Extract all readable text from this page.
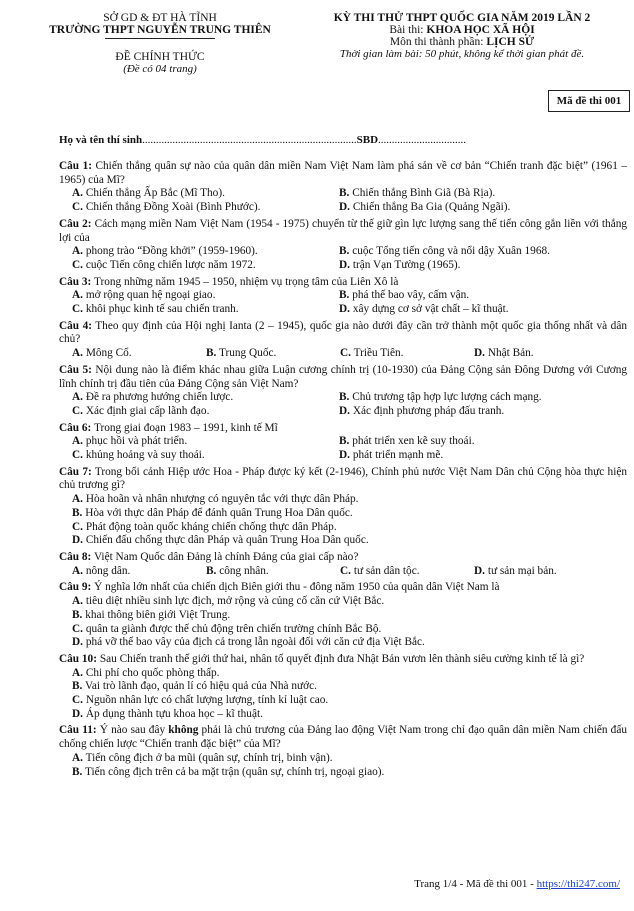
SỞ GD & ĐT HÀ TĨNH
TRƯỜNG THPT NGUYỄN TRUNG THIÊN
ĐỀ CHÍNH THỨC
(Đề có 04 trang)
KỲ THI THỬ THPT QUỐC GIA NĂM 2019 LẦN 2
Bài thi: KHOA HỌC XÃ HỘI
Môn thi thành phần: LỊCH SỬ
Thời gian làm bài: 50 phút, không kể thời gian phát đề.
Mã đề thi 001
Họ và tên thí sinh..............................................................................SBD................................
Câu 1: Chiến thắng quân sự nào của quân dân miền Nam Việt Nam làm phá sản về cơ bản “Chiến tranh đặc biệt” (1961 – 1965) của Mĩ?
A. Chiến thắng Ấp Bắc (Mĩ Tho).	B. Chiến thắng Bình Giã (Bà Rịa).
C. Chiến thắng Đồng Xoài (Bình Phước).	D. Chiến thắng Ba Gia (Quảng Ngãi).
Câu 2: Cách mạng miền Nam Việt Nam (1954 - 1975) chuyển từ thế giữ gìn lực lượng sang thế tiến công gắn liền với thắng lợi của
A. phong trào “Đồng khởi” (1959-1960).	B. cuộc Tổng tiến công và nổi dậy Xuân 1968.
C. cuộc Tiến công chiến lược năm 1972.	D. trận Vạn Tường (1965).
Câu 3: Trong những năm 1945 – 1950, nhiệm vụ trọng tâm của Liên Xô là
A. mở rộng quan hệ ngoại giao.	B. phá thế bao vây, cấm vận.
C. khôi phục kinh tế sau chiến tranh.	D. xây dựng cơ sở vật chất – kĩ thuật.
Câu 4: Theo quy định của Hội nghị Ianta (2 – 1945), quốc gia nào dưới đây cần trở thành một quốc gia thống nhất và dân chủ?
A. Mông Cổ.	B. Trung Quốc.	C. Triều Tiên.	D. Nhật Bản.
Câu 5: Nội dung nào là điểm khác nhau giữa Luận cương chính trị (10-1930) của Đảng Cộng sản Đông Dương với Cương lĩnh chính trị đầu tiên của Đảng Cộng sản Việt Nam?
A. Đề ra phương hướng chiến lược.	B. Chủ trương tập hợp lực lượng cách mạng.
C. Xác định giai cấp lãnh đạo.	D. Xác định phương pháp đấu tranh.
Câu 6: Trong giai đoạn 1983 – 1991, kinh tế Mĩ
A. phục hồi và phát triển.	B. phát triển xen kẽ suy thoái.
C. khủng hoảng và suy thoái.	D. phát triển mạnh mẽ.
Câu 7: Trong bối cảnh Hiệp ước Hoa - Pháp được ký kết (2-1946), Chính phủ nước Việt Nam Dân chủ Cộng hòa thực hiện chủ trương gì?
A. Hòa hoãn và nhân nhượng có nguyên tắc với thực dân Pháp.
B. Hòa với thực dân Pháp để đánh quân Trung Hoa Dân quốc.
C. Phát động toàn quốc kháng chiến chống thực dân Pháp.
D. Chiến đấu chống thực dân Pháp và quân Trung Hoa Dân quốc.
Câu 8: Việt Nam Quốc dân Đảng là chính Đảng của giai cấp nào?
A. nông dân.	B. công nhân.	C. tư sản dân tộc.	D. tư sản mại bản.
Câu 9: Ý nghĩa lớn nhất của chiến dịch Biên giới thu - đông năm 1950 của quân dân Việt Nam là
A. tiêu diệt nhiều sinh lực địch, mở rộng và củng cố căn cứ Việt Bắc.
B. khai thông biên giới Việt Trung.
C. quân ta giành được thế chủ động trên chiến trường chính Bắc Bộ.
D. phá vỡ thế bao vây của địch cả trong lẫn ngoài đối với căn cứ địa Việt Bắc.
Câu 10: Sau Chiến tranh thế giới thứ hai, nhân tố quyết định đưa Nhật Bản vươn lên thành siêu cường kinh tế là gì?
A. Chi phí cho quốc phòng thấp.
B. Vai trò lãnh đạo, quản lí có hiệu quả của Nhà nước.
C. Nguồn nhân lực có chất lượng lượng, tính kỉ luật cao.
D. Áp dụng thành tựu khoa học – kĩ thuật.
Câu 11: Ý nào sau đây không phải là chủ trương của Đảng lao động Việt Nam trong chỉ đạo quân dân miền Nam chiến đấu chống chiến lược “Chiến tranh đặc biệt” của Mĩ?
A. Tiến công địch ở ba mũi (quân sự, chính trị, binh vận).
B. Tiến công địch trên cả ba mặt trận (quân sự, chính trị, ngoại giao).
Trang 1/4 - Mã đề thi 001 - https://thi247.com/
